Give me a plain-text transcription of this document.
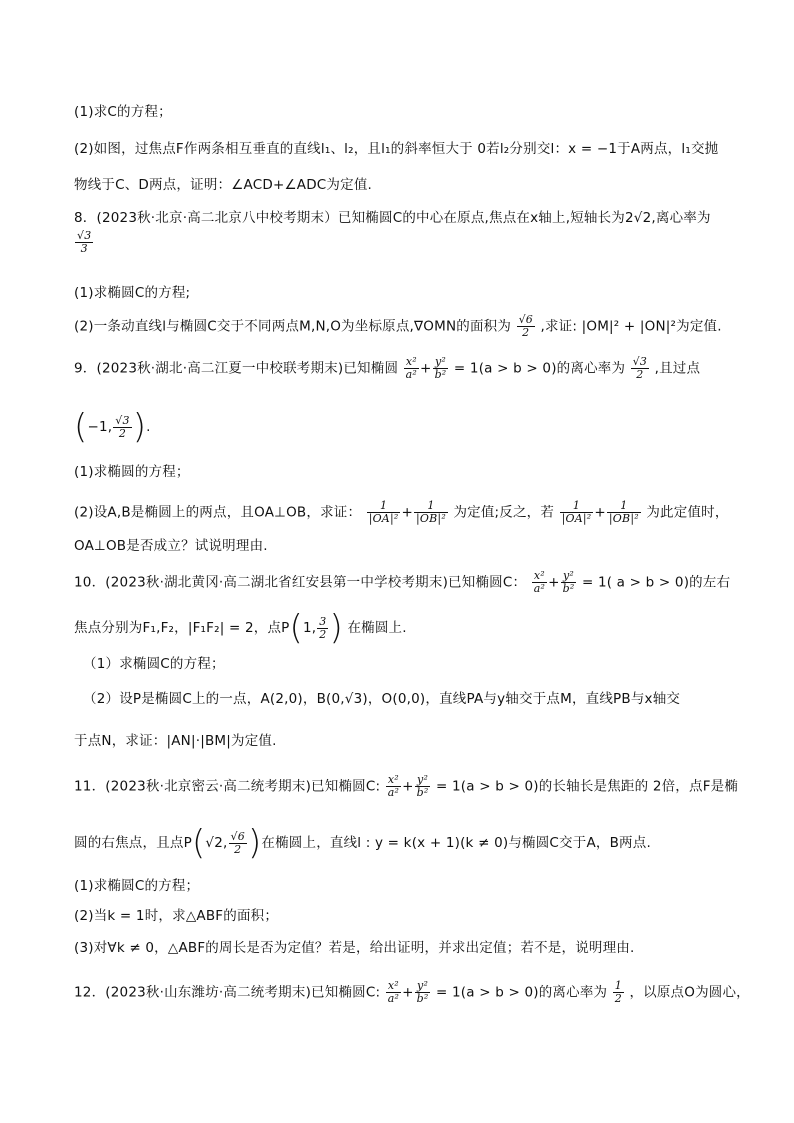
(1)求C的方程；
(2)如图，过焦点F作两条相互垂直的直线l₁、l₂，且l₁的斜率恒大于 0若l₂分别交l：x = −1于A两点，l₁交抛
物线于C、D两点，证明：∠ACD+∠ADC为定值.
8．(2023秋·北京·高二北京八中校考期末）已知椭圆C的中心在原点,焦点在x轴上,短轴长为2√2,离心率为
$\frac{√3}{3}$
(1)求椭圆C的方程;
(2)一条动直线l与椭圆C交于不同两点M,N,O为坐标原点,∇OMN的面积为 $\frac{√6}{2}$ ,求证: |OM|² + |ON|²为定值.
9．(2023秋·湖北·高二江夏一中校联考期末)已知椭圆 $\frac{\text{x²}}{\text{a²}} + \frac{\text{y²}}{\text{b²}} = 1(a > b > 0)$的离心率为 $\frac{√3}{2}$ ,且过点
(−1, $\frac{√3}{2}$ ).
(1)求椭圆的方程；
(2)设A,B是椭圆上的两点，且OA⊥OB，求证： $\frac{1}{\text{|OA|²}} + \frac{1}{\text{|OB|²}}$ 为定值;反之，若 $\frac{1}{\text{|OA|²}} + \frac{1}{\text{|OB|²}}$ 为此定值时，
OA⊥OB是否成立？试说明理由.
10．(2023秋·湖北黄冈·高二湖北省红安县第一中学校考期末)已知椭圆C： $\frac{\text{x²}}{\text{a²}} + \frac{\text{y²}}{\text{b²}} = 1$( a > b > 0)的左右
焦点分别为F₁,F₂，|F₁F₂| = 2，点P(1, $\frac{3}{2}$ ) 在椭圆上.
（1）求椭圆C的方程；
（2）设P是椭圆C上的一点，A(2,0)，B(0,√3)，O(0,0)，直线PA与y轴交于点M，直线PB与x轴交
于点N，求证：|AN|·|BM|为定值.
11．(2023秋·北京密云·高二统考期末)已知椭圆C: $\frac{\text{x²}}{\text{a²}} + \frac{\text{y²}}{\text{b²}} = 1(a > b > 0)$的长轴长是焦距的 2倍，点F是椭
圆的右焦点，且点P(√2, $\frac{√6}{2}$ )在椭圆上，直线l : y = k(x + 1)(k ≠ 0)与椭圆C交于A，B两点.
(1)求椭圆C的方程；
(2)当k = 1时，求△ABF的面积；
(3)对∀k ≠ 0，△ABF的周长是否为定值？若是，给出证明，并求出定值；若不是，说明理由.
12．(2023秋·山东潍坊·高二统考期末)已知椭圆C: $\frac{\text{x²}}{\text{a²}} + \frac{\text{y²}}{\text{b²}} = 1(a > b > 0)$的离心率为 $\frac{1}{2}$ ，以原点O为圆心，
